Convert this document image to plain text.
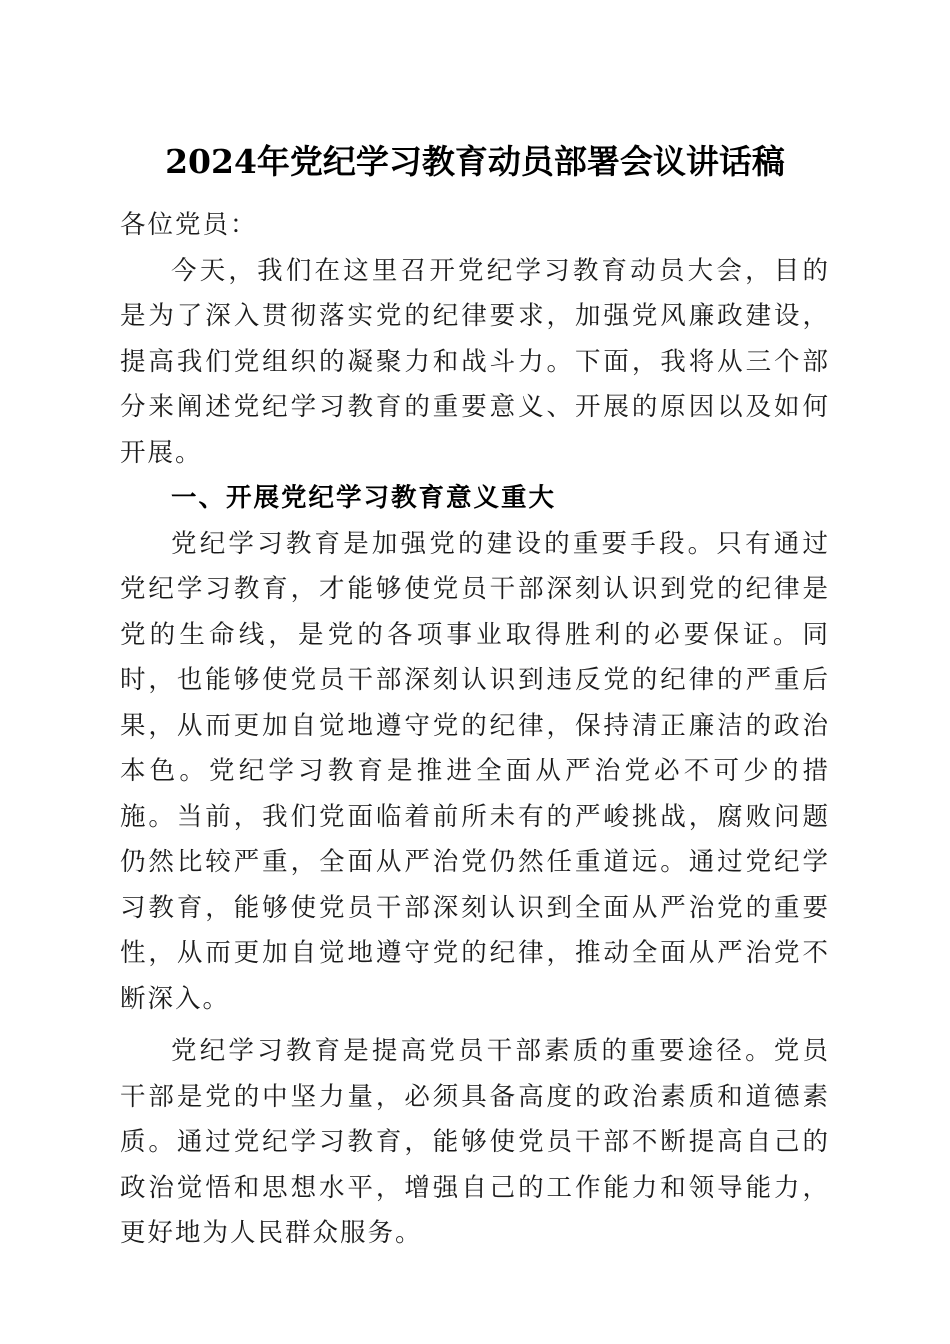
2024年党纪学习教育动员部署会议讲话稿

各位党员：

今天，我们在这里召开党纪学习教育动员大会，目的是为了深入贯彻落实党的纪律要求，加强党风廉政建设，提高我们党组织的凝聚力和战斗力。下面，我将从三个部分来阐述党纪学习教育的重要意义、开展的原因以及如何开展。

一、开展党纪学习教育意义重大

党纪学习教育是加强党的建设的重要手段。只有通过党纪学习教育，才能够使党员干部深刻认识到党的纪律是党的生命线，是党的各项事业取得胜利的必要保证。同时，也能够使党员干部深刻认识到违反党的纪律的严重后果，从而更加自觉地遵守党的纪律，保持清正廉洁的政治本色。党纪学习教育是推进全面从严治党必不可少的措施。当前，我们党面临着前所未有的严峻挑战，腐败问题仍然比较严重，全面从严治党仍然任重道远。通过党纪学习教育，能够使党员干部深刻认识到全面从严治党的重要性，从而更加自觉地遵守党的纪律，推动全面从严治党不断深入。

党纪学习教育是提高党员干部素质的重要途径。党员干部是党的中坚力量，必须具备高度的政治素质和道德素质。通过党纪学习教育，能够使党员干部不断提高自己的政治觉悟和思想水平，增强自己的工作能力和领导能力，更好地为人民群众服务。
